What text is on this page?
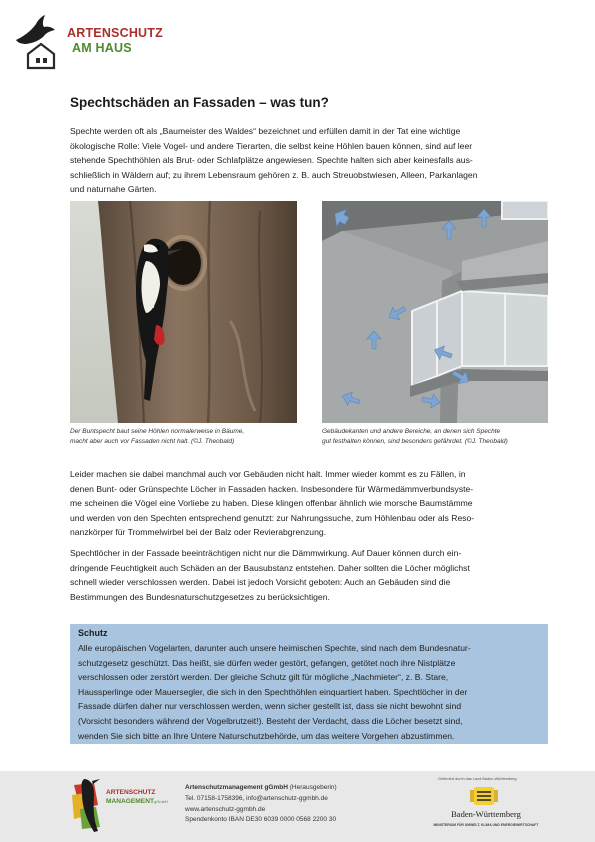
ARTENSCHUTZ
AM HAUS
Spechtschäden an Fassaden – was tun?
Spechte werden oft als „Baumeister des Waldes“ bezeichnet und erfüllen damit in der Tat eine wichtige
ökologische Rolle: Viele Vogel- und andere Tierarten, die selbst keine Höhlen bauen können, sind auf leer
stehende Spechthöhlen als Brut- oder Schlafplätze angewiesen. Spechte halten sich aber keinesfalls aus-
schließlich in Wäldern auf; zu ihrem Lebensraum gehören z. B. auch Streuobstwiesen, Alleen, Parkanlagen
und naturnahe Gärten.
Der Buntspecht baut seine Höhlen normalerweise in Bäume,
macht aber auch vor Fassaden nicht halt. (©J. Theobald)
Gebäudekanten und andere Bereiche, an denen sich Spechte
gut festhalten können, sind besonders gefährdet. (©J. Theobald)
Leider machen sie dabei manchmal auch vor Gebäuden nicht halt. Immer wieder kommt es zu Fällen, in
denen Bunt- oder Grünspechte Löcher in Fassaden hacken. Insbesondere für Wärmedämmverbundsyste-
me scheinen die Vögel eine Vorliebe zu haben. Diese klingen offenbar ähnlich wie morsche Baumstämme
und werden von den Spechten entsprechend genutzt: zur Nahrungssuche, zum Höhlenbau oder als Reso-
nanzkörper für Trommelwirbel bei der Balz oder Revierabgrenzung.
Spechtlöcher in der Fassade beeinträchtigen nicht nur die Dämmwirkung. Auf Dauer können durch ein-
dringende Feuchtigkeit auch Schäden an der Bausubstanz entstehen. Daher sollten die Löcher möglichst
schnell wieder verschlossen werden. Dabei ist jedoch Vorsicht geboten: Auch an Gebäuden sind die
Bestimmungen des Bundesnaturschutzgesetzes zu berücksichtigen.
Schutz
Alle europäischen Vogelarten, darunter auch unsere heimischen Spechte, sind nach dem Bundesnatur-
schutzgesetz geschützt. Das heißt, sie dürfen weder gestört, gefangen, getötet noch ihre Nistplätze
verschlossen oder zerstört werden. Der gleiche Schutz gilt für mögliche „Nachmieter“, z. B. Stare,
Haussperlinge oder Mauersegler, die sich in den Spechthöhlen einquartiert haben. Spechtlöcher in der
Fassade dürfen daher nur verschlossen werden, wenn sicher gestellt ist, dass sie nicht bewohnt sind
(Vorsicht besonders während der Vogelbrutzeit!). Besteht der Verdacht, dass die Löcher besetzt sind,
wenden Sie sich bitte an Ihre Untere Naturschutzbehörde, um das weitere Vorgehen abzustimmen.
ARTENSCHUTZ
MANAGEMENTgGmbH
Artenschutzmanagement gGmbH (Herausgeberin)
Tel. 07158-1758396, info@artenschutz-ggmbh.de
www.artenschutz-ggmbh.de
Spendenkonto IBAN DE30 6039 0000 0568 2200 30
Gefördert durch das Land Baden-Württemberg
Baden-Württemberg
MINISTERIUM FÜR UMWELT, KLIMA UND ENERGIEWIRTSCHAFT
